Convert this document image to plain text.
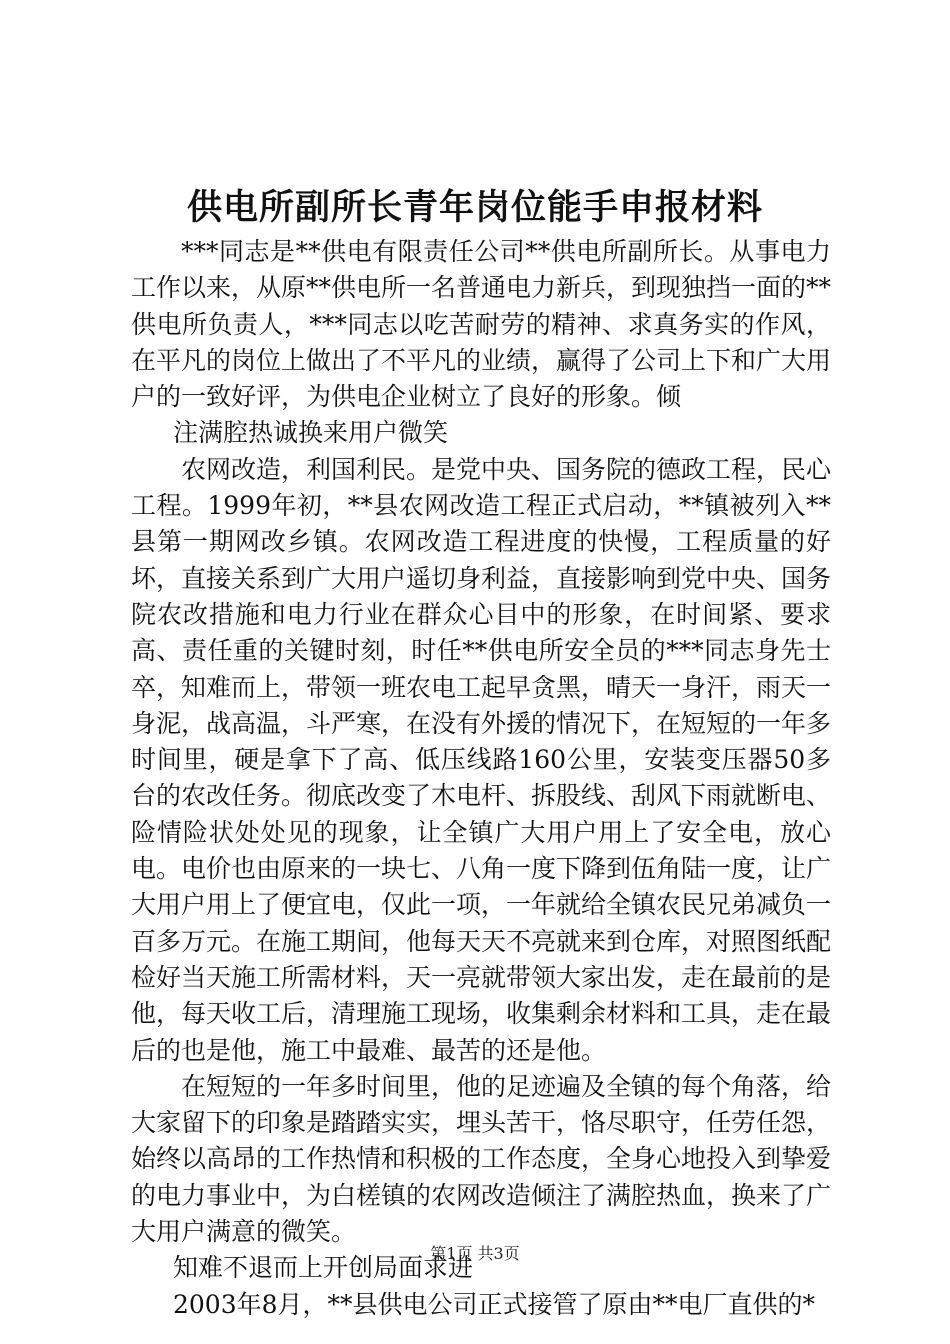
供电所副所长青年岗位能手申报材料

***同志是**供电有限责任公司**供电所副所长。从事电力工作以来，从原**供电所一名普通电力新兵，到现独挡一面的**供电所负责人，***同志以吃苦耐劳的精神、求真务实的作风，在平凡的岗位上做出了不平凡的业绩，赢得了公司上下和广大用户的一致好评，为供电企业树立了良好的形象。倾

注满腔热诚换来用户微笑

农网改造，利国利民。是党中央、国务院的德政工程，民心工程。1999年初，**县农网改造工程正式启动，**镇被列入**县第一期网改乡镇。农网改造工程进度的快慢，工程质量的好坏，直接关系到广大用户遥切身利益，直接影响到党中央、国务院农改措施和电力行业在群众心目中的形象，在时间紧、要求高、责任重的关键时刻，时任**供电所安全员的***同志身先士卒，知难而上，带领一班农电工起早贪黑，晴天一身汗，雨天一身泥，战高温，斗严寒，在没有外援的情况下，在短短的一年多时间里，硬是拿下了高、低压线路160公里，安装变压器50多台的农改任务。彻底改变了木电杆、拆股线、刮风下雨就断电、险情险状处处见的现象，让全镇广大用户用上了安全电，放心电。电价也由原来的一块七、八角一度下降到伍角陆一度，让广大用户用上了便宜电，仅此一项，一年就给全镇农民兄弟减负一百多万元。在施工期间，他每天天不亮就来到仓库，对照图纸配检好当天施工所需材料，天一亮就带领大家出发，走在最前的是他，每天收工后，清理施工现场，收集剩余材料和工具，走在最后的也是他，施工中最难、最苦的还是他。

在短短的一年多时间里，他的足迹遍及全镇的每个角落，给大家留下的印象是踏踏实实，埋头苦干，恪尽职守，任劳任怨，始终以高昂的工作热情和积极的工作态度，全身心地投入到挚爱的电力事业中，为白槎镇的农网改造倾注了满腔热血，换来了广大用户满意的微笑。

知难不退而上开创局面求进

2003年8月，**县供电公司正式接管了原由**电厂直供的*

第1页 共3页
